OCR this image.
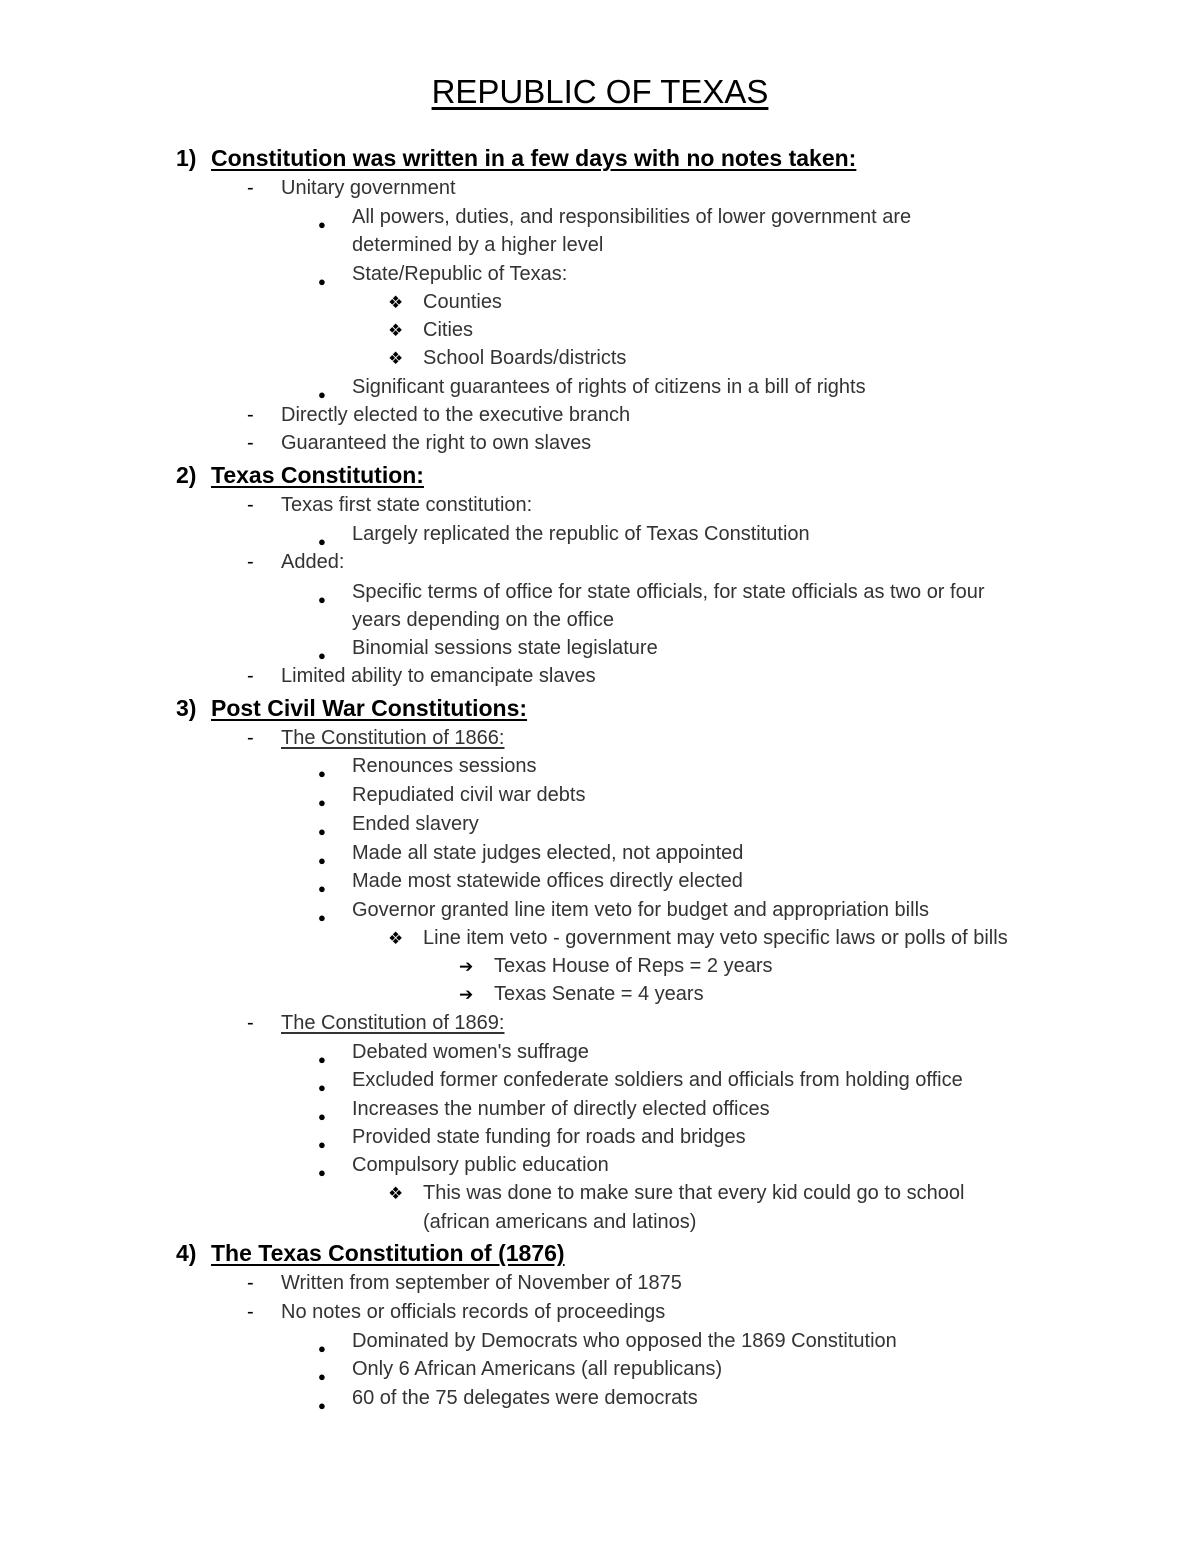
REPUBLIC OF TEXAS
1) Constitution was written in a few days with no notes taken:
- Unitary government
● All powers, duties, and responsibilities of lower government are
determined by a higher level
● State/Republic of Texas:
❖ Counties
❖ Cities
❖ School Boards/districts
● Significant guarantees of rights of citizens in a bill of rights
- Directly elected to the executive branch
- Guaranteed the right to own slaves
2) Texas Constitution:
- Texas first state constitution:
● Largely replicated the republic of Texas Constitution
- Added:
● Specific terms of office for state officials, for state officials as two or four
years depending on the office
● Binomial sessions state legislature
- Limited ability to emancipate slaves
3) Post Civil War Constitutions:
- The Constitution of 1866:
● Renounces sessions
● Repudiated civil war debts
● Ended slavery
● Made all state judges elected, not appointed
● Made most statewide offices directly elected
● Governor granted line item veto for budget and appropriation bills
❖ Line item veto - government may veto specific laws or polls of bills
➔ Texas House of Reps = 2 years
➔ Texas Senate = 4 years
- The Constitution of 1869:
● Debated women's suffrage
● Excluded former confederate soldiers and officials from holding office
● Increases the number of directly elected offices
● Provided state funding for roads and bridges
● Compulsory public education
❖ This was done to make sure that every kid could go to school
(african americans and latinos)
4) The Texas Constitution of (1876)
- Written from september of November of 1875
- No notes or officials records of proceedings
● Dominated by Democrats who opposed the 1869 Constitution
● Only 6 African Americans (all republicans)
● 60 of the 75 delegates were democrats
